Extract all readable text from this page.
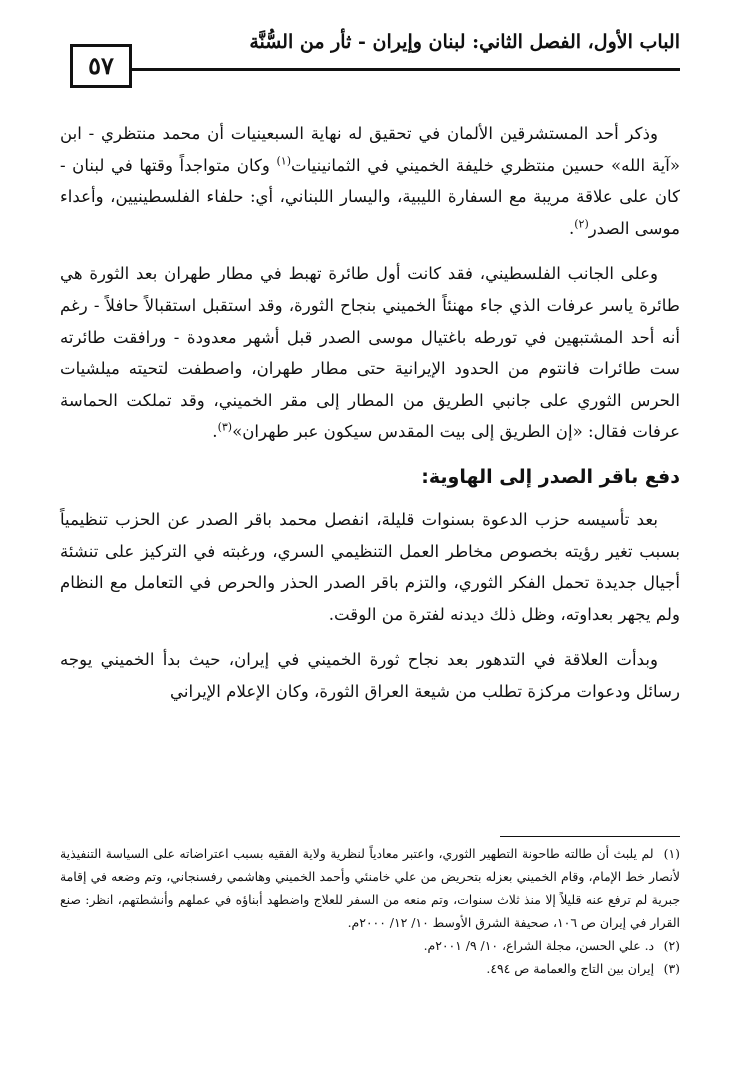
الباب الأول، الفصل الثاني: لبنان وإيران - ثأر من السُّنَّة
٥٧

وذكر أحد المستشرقين الألمان في تحقيق له نهاية السبعينيات أن محمد منتظري - ابن «آية الله» حسين منتظري خليفة الخميني في الثمانينيات$^{(١)}$ وكان متواجداً وقتها في لبنان - كان على علاقة مريبة مع السفارة الليبية، واليسار اللبناني، أي: حلفاء الفلسطينيين، وأعداء موسى الصدر$^{(٢)}$.

وعلى الجانب الفلسطيني، فقد كانت أول طائرة تهبط في مطار طهران بعد الثورة هي طائرة ياسر عرفات الذي جاء مهنئاً الخميني بنجاح الثورة، وقد استقبل استقبالاً حافلاً - رغم أنه أحد المشتبهين في تورطه باغتيال موسى الصدر قبل أشهر معدودة - ورافقت طائرته ست طائرات فانتوم من الحدود الإيرانية حتى مطار طهران، واصطفت لتحيته ميلشيات الحرس الثوري على جانبي الطريق من المطار إلى مقر الخميني، وقد تملكت الحماسة عرفات فقال: «إن الطريق إلى بيت المقدس سيكون عبر طهران»$^{(٣)}$.

دفع باقر الصدر إلى الهاوية:

بعد تأسيسه حزب الدعوة بسنوات قليلة، انفصل محمد باقر الصدر عن الحزب تنظيمياً بسبب تغير رؤيته بخصوص مخاطر العمل التنظيمي السري، ورغبته في التركيز على تنشئة أجيال جديدة تحمل الفكر الثوري، والتزم باقر الصدر الحذر والحرص في التعامل مع النظام ولم يجهر بعداوته، وظل ذلك ديدنه لفترة من الوقت.

وبدأت العلاقة في التدهور بعد نجاح ثورة الخميني في إيران، حيث بدأ الخميني يوجه رسائل ودعوات مركزة تطلب من شيعة العراق الثورة، وكان الإعلام الإيراني

(١) لم يلبث أن طالته طاحونة التطهير الثوري، واعتبر معادياً لنظرية ولاية الفقيه بسبب اعتراضاته على السياسة التنفيذية لأنصار خط الإمام، وقام الخميني بعزله بتحريض من علي خامنئي وأحمد الخميني وهاشمي رفسنجاني، وتم وضعه في إقامة جبرية لم ترفع عنه قليلاً إلا منذ ثلاث سنوات، وتم منعه من السفر للعلاج واضطهد أبناؤه في عملهم وأنشطتهم، انظر: صنع القرار في إيران ص ١٠٦، صحيفة الشرق الأوسط ١٠/ ١٢/ ٢٠٠٠م.

(٢) د. علي الحسن، مجلة الشراع، ١٠/ ٩/ ٢٠٠١م.

(٣) إيران بين التاج والعمامة ص ٤٩٤.
